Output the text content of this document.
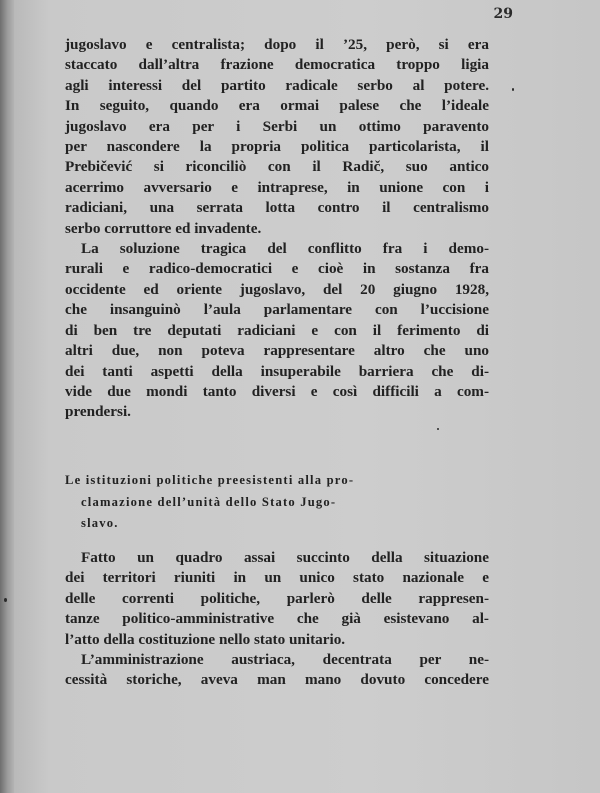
29

jugoslavo e centralista; dopo il ’25, però, si era
staccato dall’altra frazione democratica troppo ligia
agli interessi del partito radicale serbo al potere.
In seguito, quando era ormai palese che l’ideale
jugoslavo era per i Serbi un ottimo paravento
per nascondere la propria politica particolarista, il
Prebičević si riconciliò con il Radič, suo antico
acerrimo avversario e intraprese, in unione con i
radiciani, una serrata lotta contro il centralismo
serbo corruttore ed invadente.

La soluzione tragica del conflitto fra i demo-
rurali e radico-democratici e cioè in sostanza fra
occidente ed oriente jugoslavo, del 20 giugno 1928,
che insanguinò l’aula parlamentare con l’uccisione
di ben tre deputati radiciani e con il ferimento di
altri due, non poteva rappresentare altro che uno
dei tanti aspetti della insuperabile barriera che di-
vide due mondi tanto diversi e così difficili a com-
prendersi.

Le istituzioni politiche preesistenti alla pro-
clamazione dell’unità dello Stato Jugo-
slavo.

Fatto un quadro assai succinto della situazione
dei territori riuniti in un unico stato nazionale e
delle correnti politiche, parlerò delle rappresen-
tanze politico-amministrative che già esistevano al-
l’atto della costituzione nello stato unitario.

L’amministrazione austriaca, decentrata per ne-
cessità storiche, aveva man mano dovuto concedere
